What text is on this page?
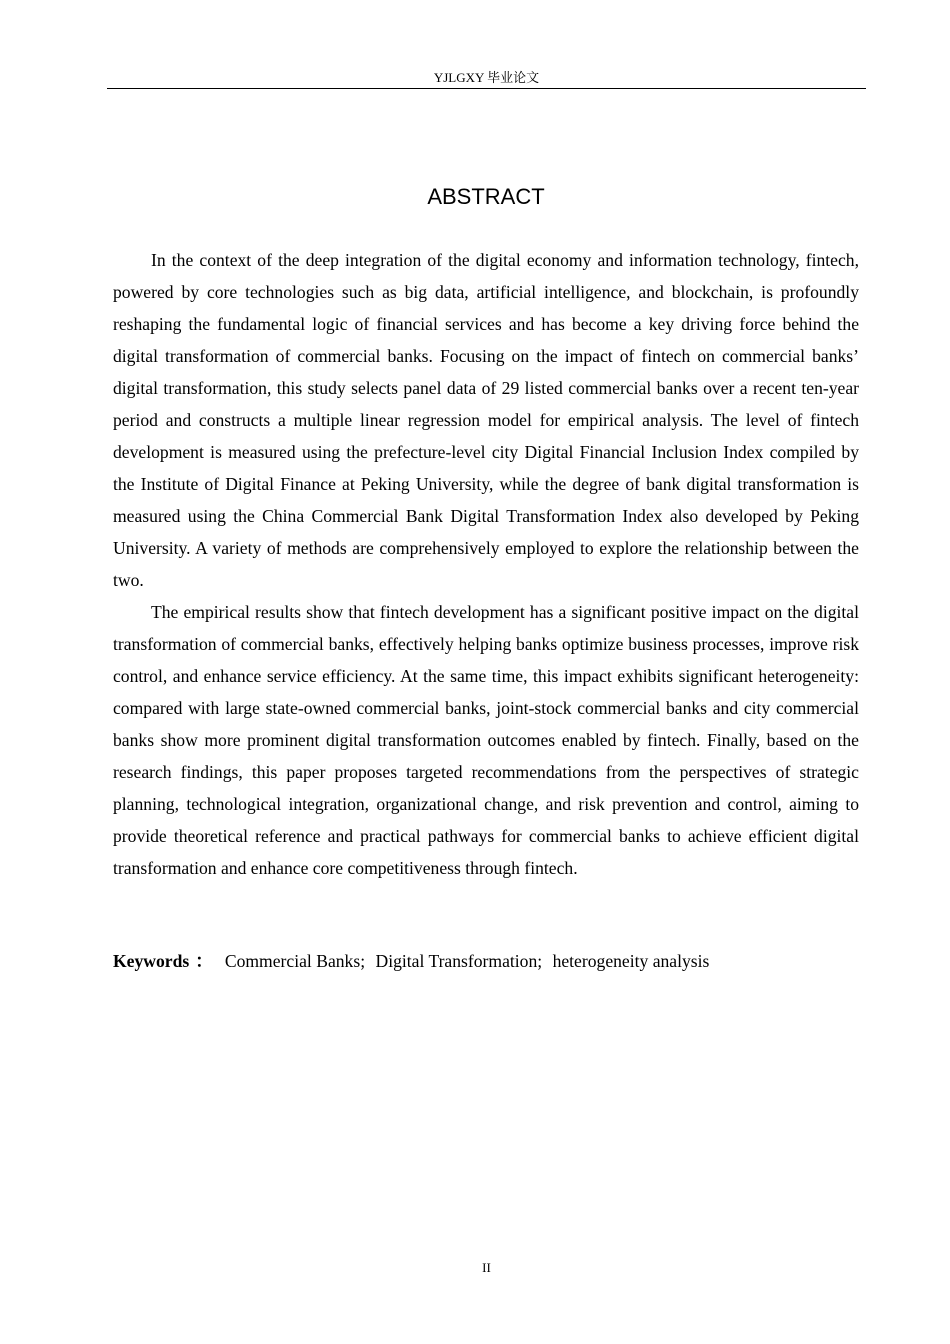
YJLGXY 毕业论文
ABSTRACT

In the context of the deep integration of the digital economy and information technology, fintech, powered by core technologies such as big data, artificial intelligence, and blockchain, is profoundly reshaping the fundamental logic of financial services and has become a key driving force behind the digital transformation of commercial banks. Focusing on the impact of fintech on commercial banks’ digital transformation, this study selects panel data of 29 listed commercial banks over a recent ten-year period and constructs a multiple linear regression model for empirical analysis. The level of fintech development is measured using the prefecture-level city Digital Financial Inclusion Index compiled by the Institute of Digital Finance at Peking University, while the degree of bank digital transformation is measured using the China Commercial Bank Digital Transformation Index also developed by Peking University. A variety of methods are comprehensively employed to explore the relationship between the two.

The empirical results show that fintech development has a significant positive impact on the digital transformation of commercial banks, effectively helping banks optimize business processes, improve risk control, and enhance service efficiency. At the same time, this impact exhibits significant heterogeneity: compared with large state-owned commercial banks, joint-stock commercial banks and city commercial banks show more prominent digital transformation outcomes enabled by fintech. Finally, based on the research findings, this paper proposes targeted recommendations from the perspectives of strategic planning, technological integration, organizational change, and risk prevention and control, aiming to provide theoretical reference and practical pathways for commercial banks to achieve efficient digital transformation and enhance core competitiveness through fintech.

Keywords ： Commercial Banks; Digital Transformation; heterogeneity analysis
II
